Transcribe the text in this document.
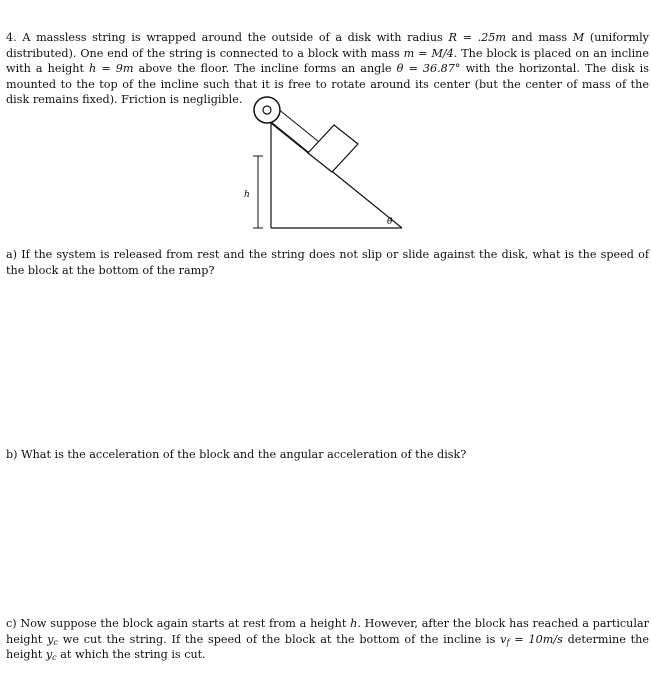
4. A massless string is wrapped around the outside of a disk with radius R = .25m and mass M (uniformly distributed). One end of the string is connected to a block with mass m = M/4. The block is placed on an incline with a height h = 9m above the floor. The incline forms an angle θ = 36.87° with the horizontal. The disk is mounted to the top of the incline such that it is free to rotate around its center (but the center of mass of the disk remains fixed). Friction is negligible.

h
θ

a) If the system is released from rest and the string does not slip or slide against the disk, what is the speed of the block at the bottom of the ramp?

b) What is the acceleration of the block and the angular acceleration of the disk?

c) Now suppose the block again starts at rest from a height h. However, after the block has reached a particular height $y_c$ we cut the string. If the speed of the block at the bottom of the incline is $v_f = 10m/s$ determine the height $y_c$ at which the string is cut.
